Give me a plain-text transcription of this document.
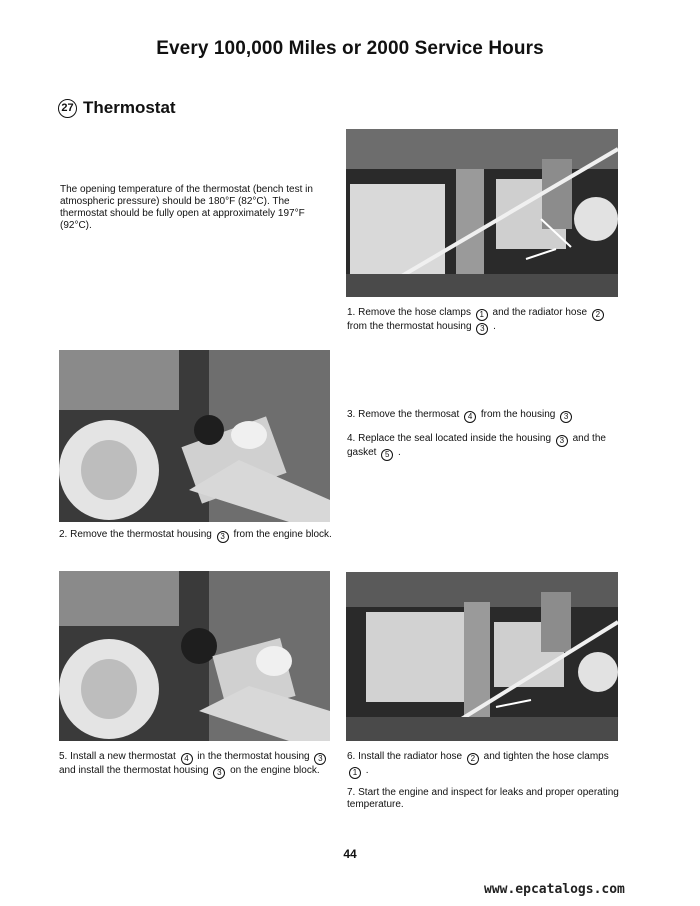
Every 100,000 Miles or 2000 Service Hours
27 Thermostat
The opening temperature of the thermostat (bench test in atmospheric pressure) should be 180°F (82°C). The thermostat should be fully open at approximately 197°F (92°C).
1. Remove the hose clamps 1 and the radiator hose 2 from the thermostat housing 3 .
2. Remove the thermostat housing 3 from the engine block.
3. Remove the thermosat 4 from the housing 3
4. Replace the seal located inside the housing 3 and the gasket 5 .
5. Install a new thermostat 4 in the thermostat housing 3 and install the thermostat housing 3 on the engine block.
6. Install the radiator hose 2 and tighten the hose clamps 1 .
7. Start the engine and inspect for leaks and proper operating temperature.
44
www.epcatalogs.com
